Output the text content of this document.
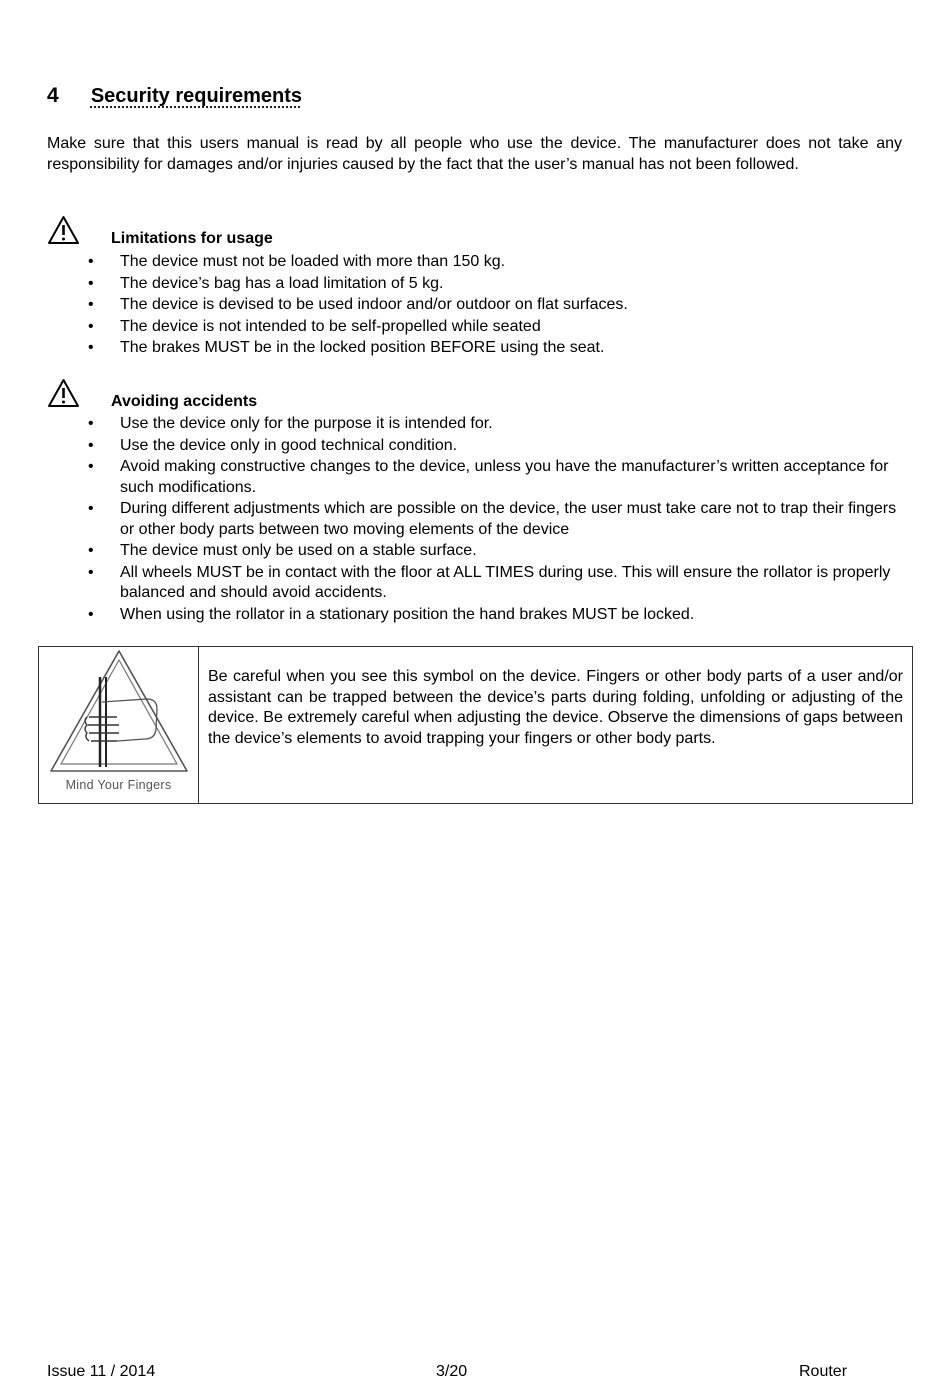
4 Security requirements
Make sure that this users manual is read by all people who use the device. The manufacturer does not take any responsibility for damages and/or injuries caused by the fact that the user’s manual has not been followed.
Limitations for usage
• The device must not be loaded with more than 150 kg.
• The device’s bag has a load limitation of 5 kg.
• The device is devised to be used indoor and/or outdoor on flat surfaces.
• The device is not intended to be self-propelled while seated
• The brakes MUST be in the locked position BEFORE using the seat.
Avoiding accidents
• Use the device only for the purpose it is intended for.
• Use the device only in good technical condition.
• Avoid making constructive changes to the device, unless you have the manufacturer’s written acceptance for such modifications.
• During different adjustments which are possible on the device, the user must take care not to trap their fingers or other body parts between two moving elements of the device
• The device must only be used on a stable surface.
• All wheels MUST be in contact with the floor at ALL TIMES during use. This will ensure the rollator is properly balanced and should avoid accidents.
• When using the rollator in a stationary position the hand brakes MUST be locked.
Mind Your Fingers
Be careful when you see this symbol on the device. Fingers or other body parts of a user and/or assistant can be trapped between the device’s parts during folding, unfolding or adjusting of the device. Be extremely careful when adjusting the device. Observe the dimensions of gaps between the device’s elements to avoid trapping your fingers or other body parts.
Issue 11 / 2014	3/20	Router
